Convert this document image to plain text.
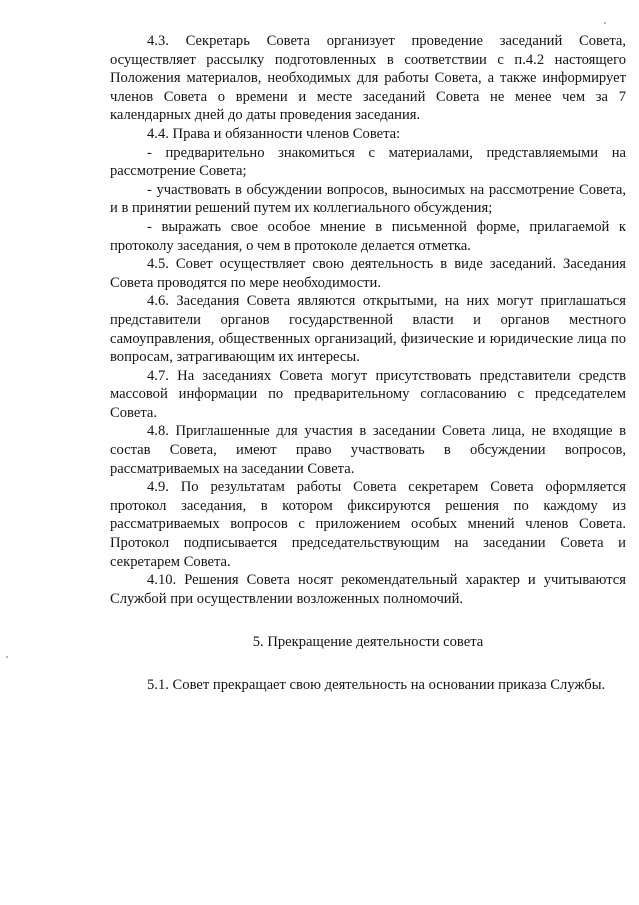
4.3. Секретарь Совета организует проведение заседаний Совета, осуществляет рассылку подготовленных в соответствии с п.4.2 настоящего Положения материалов, необходимых для работы Совета, а также информирует членов Совета о времени и месте заседаний Совета не менее чем за 7 календарных дней до даты проведения заседания.

4.4. Права и обязанности членов Совета:

- предварительно знакомиться с материалами, представляемыми на рассмотрение Совета;

- участвовать в обсуждении вопросов, выносимых на рассмотрение Совета, и в принятии решений путем их коллегиального обсуждения;

- выражать свое особое мнение в письменной форме, прилагаемой к протоколу заседания, о чем в протоколе делается отметка.

4.5. Совет осуществляет свою деятельность в виде заседаний. Заседания Совета проводятся по мере необходимости.

4.6. Заседания Совета являются открытыми, на них могут приглашаться представители органов государственной власти и органов местного самоуправления, общественных организаций, физические и юридические лица по вопросам, затрагивающим их интересы.

4.7. На заседаниях Совета могут присутствовать представители средств массовой информации по предварительному согласованию с председателем Совета.

4.8. Приглашенные для участия в заседании Совета лица, не входящие в состав Совета, имеют право участвовать в обсуждении вопросов, рассматриваемых на заседании Совета.

4.9. По результатам работы Совета секретарем Совета оформляется протокол заседания, в котором фиксируются решения по каждому из рассматриваемых вопросов с приложением особых мнений членов Совета. Протокол подписывается председательствующим на заседании Совета и секретарем Совета.

4.10. Решения Совета носят рекомендательный характер и учитываются Службой при осуществлении возложенных полномочий.

5. Прекращение деятельности совета

5.1. Совет прекращает свою деятельность на основании приказа Службы.
